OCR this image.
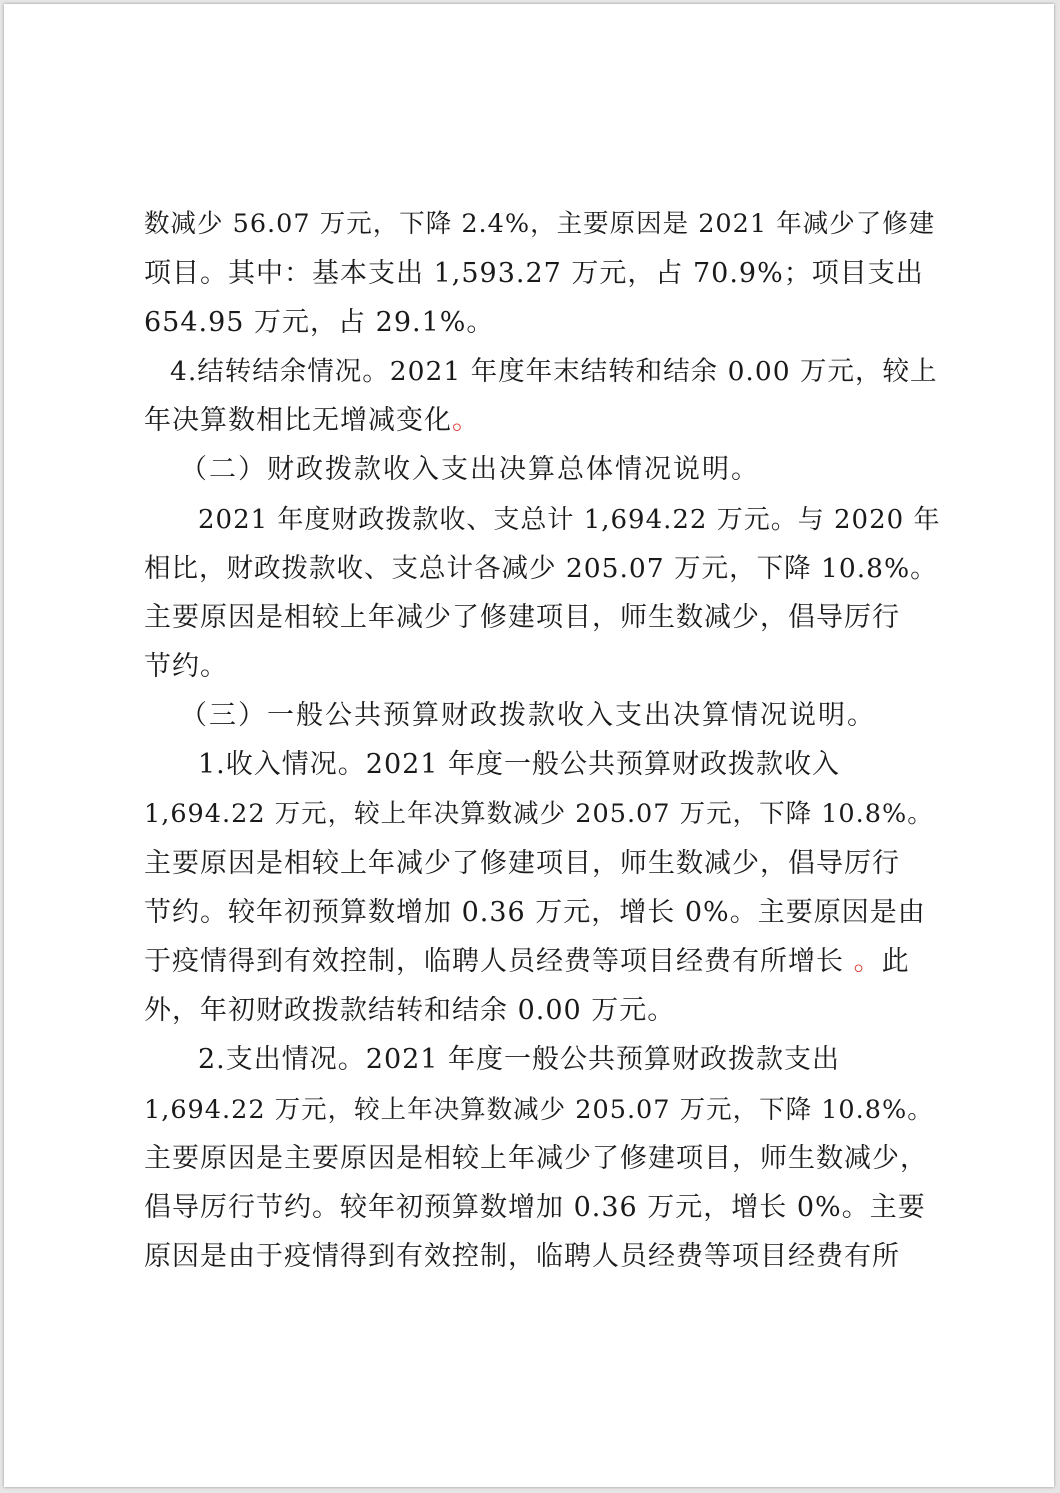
数减少 56.07 万元，下降 2.4%，主要原因是 2021 年减少了修建
项目。其中：基本支出 1,593.27 万元，占 70.9%；项目支出
654.95 万元，占 29.1%。
4.结转结余情况。2021 年度年末结转和结余 0.00 万元，较上
年决算数相比无增减变化。
（二）财政拨款收入支出决算总体情况说明。
2021 年度财政拨款收、支总计 1,694.22 万元。与 2020 年
相比，财政拨款收、支总计各减少 205.07 万元，下降 10.8%。
主要原因是相较上年减少了修建项目，师生数减少，倡导厉行
节约。
（三）一般公共预算财政拨款收入支出决算情况说明。
1.收入情况。2021 年度一般公共预算财政拨款收入
1,694.22 万元，较上年决算数减少 205.07 万元，下降 10.8%。
主要原因是相较上年减少了修建项目，师生数减少，倡导厉行
节约。较年初预算数增加 0.36 万元，增长 0%。主要原因是由
于疫情得到有效控制，临聘人员经费等项目经费有所增长 。此
外，年初财政拨款结转和结余 0.00 万元。
2.支出情况。2021 年度一般公共预算财政拨款支出
1,694.22 万元，较上年决算数减少 205.07 万元，下降 10.8%。
主要原因是主要原因是相较上年减少了修建项目，师生数减少，
倡导厉行节约。较年初预算数增加 0.36 万元，增长 0%。主要
原因是由于疫情得到有效控制，临聘人员经费等项目经费有所
